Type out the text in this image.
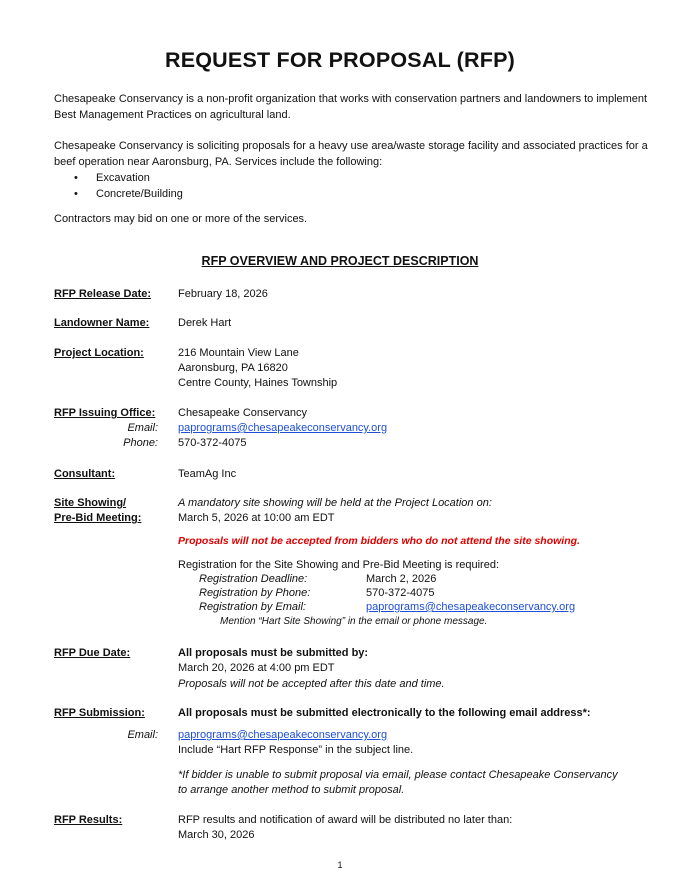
REQUEST FOR PROPOSAL (RFP)
Chesapeake Conservancy is a non-profit organization that works with conservation partners and landowners to implement Best Management Practices on agricultural land.
Chesapeake Conservancy is soliciting proposals for a heavy use area/waste storage facility and associated practices for a beef operation near Aaronsburg, PA. Services include the following:
• Excavation
• Concrete/Building
Contractors may bid on one or more of the services.
RFP OVERVIEW AND PROJECT DESCRIPTION
RFP Release Date: February 18, 2026
Landowner Name:	Derek Hart
Project Location:	216 Mountain View Lane
Aaronsburg, PA 16820
Centre County, Haines Township
RFP Issuing Office: Chesapeake Conservancy
Email: paprograms@chesapeakeconservancy.org
Phone: 570-372-4075
Consultant:	TeamAg Inc
Site Showing/
Pre-Bid Meeting:
A mandatory site showing will be held at the Project Location on:
March 5, 2026 at 10:00 am EDT
Proposals will not be accepted from bidders who do not attend the site showing.
Registration for the Site Showing and Pre-Bid Meeting is required:
Registration Deadline:	March 2, 2026
Registration by Phone:	570-372-4075
Registration by Email:	paprograms@chesapeakeconservancy.org
Mention “Hart Site Showing” in the email or phone message.
RFP Due Date:	All proposals must be submitted by:
March 20, 2026 at 4:00 pm EDT
Proposals will not be accepted after this date and time.
RFP Submission:	All proposals must be submitted electronically to the following email address*:
Email: paprograms@chesapeakeconservancy.org
Include “Hart RFP Response” in the subject line.
*If bidder is unable to submit proposal via email, please contact Chesapeake Conservancy
to arrange another method to submit proposal.
RFP Results:	RFP results and notification of award will be distributed no later than:
March 30, 2026
1
